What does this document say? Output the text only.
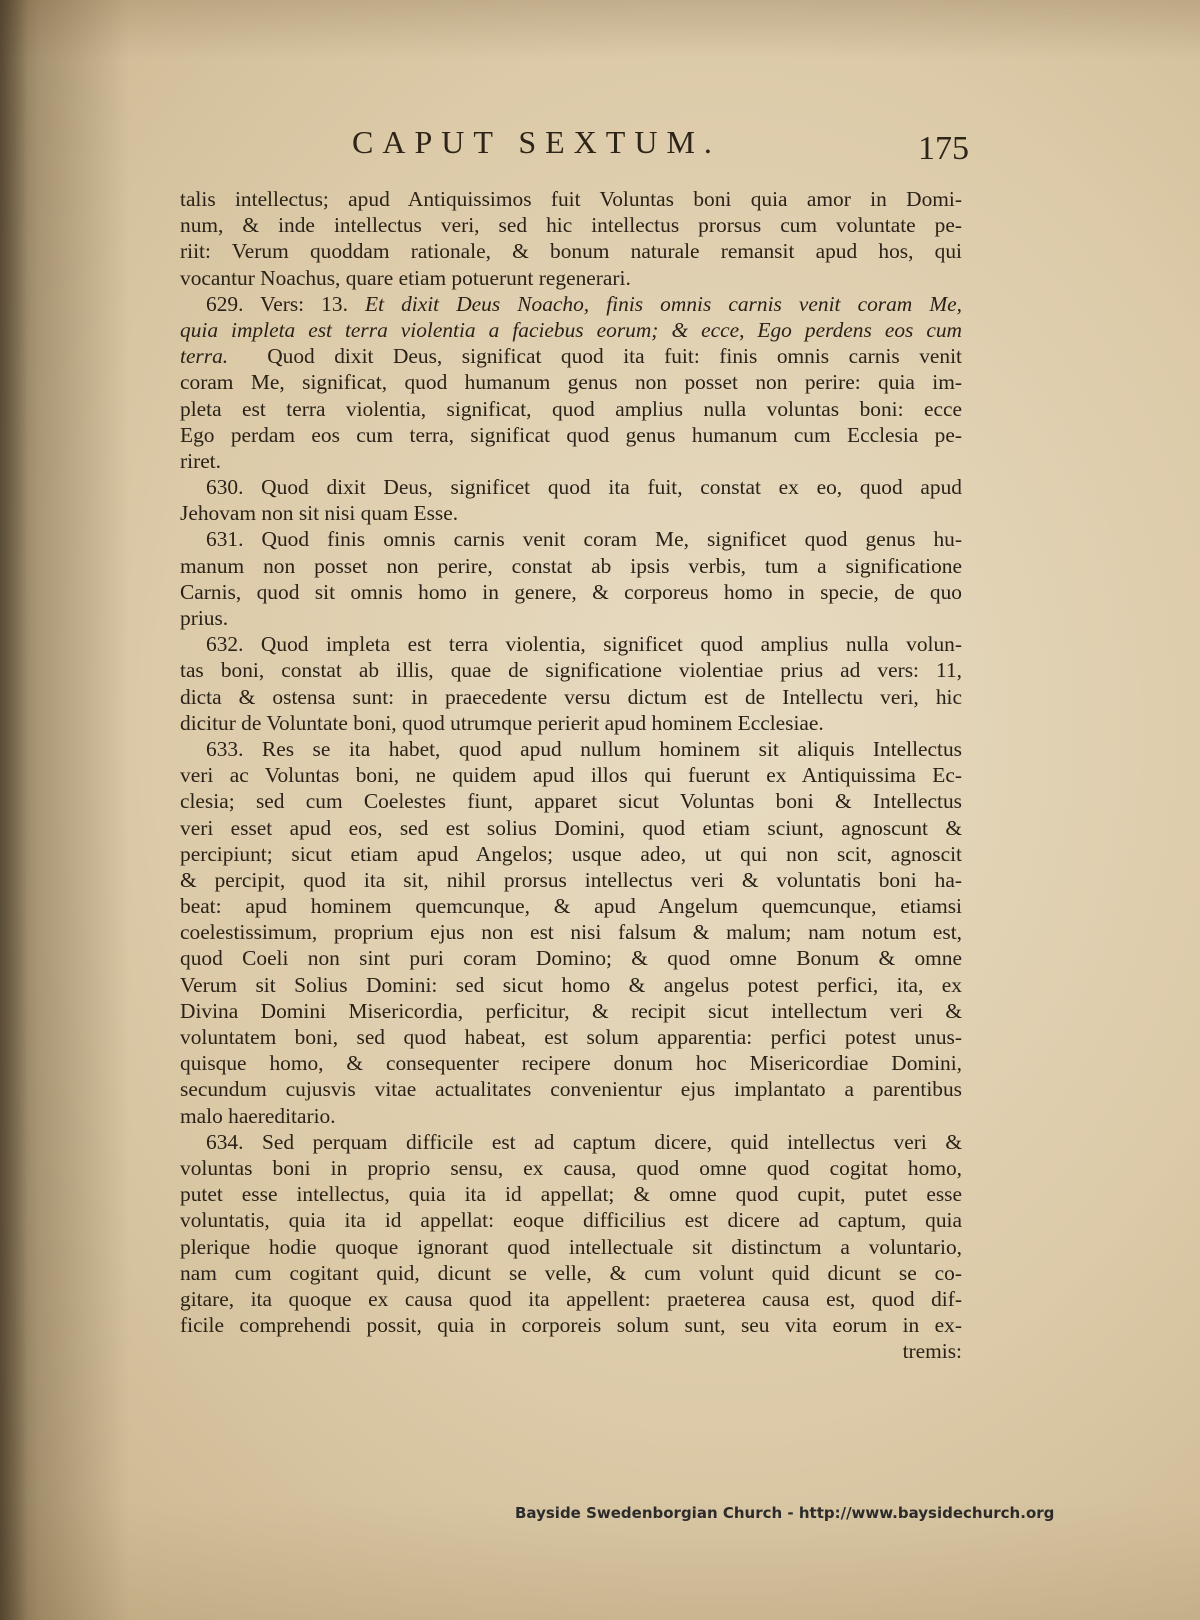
CAPUT SEXTUM.	175
talis intellectus; apud Antiquissimos fuit Voluntas boni quia amor in Domi-
num, & inde intellectus veri, sed hic intellectus prorsus cum voluntate pe-
riit: Verum quoddam rationale, & bonum naturale remansit apud hos, qui
vocantur Noachus, quare etiam potuerunt regenerari.
629. Vers: 13. Et dixit Deus Noacho, finis omnis carnis venit coram Me,
quia impleta est terra violentia a faciebus eorum; & ecce, Ego perdens eos cum
terra. Quod dixit Deus, significat quod ita fuit: finis omnis carnis venit
coram Me, significat, quod humanum genus non posset non perire: quia im-
pleta est terra violentia, significat, quod amplius nulla voluntas boni: ecce
Ego perdam eos cum terra, significat quod genus humanum cum Ecclesia pe-
riret.
630. Quod dixit Deus, significet quod ita fuit, constat ex eo, quod apud
Jehovam non sit nisi quam Esse.
631. Quod finis omnis carnis venit coram Me, significet quod genus hu-
manum non posset non perire, constat ab ipsis verbis, tum a significatione
Carnis, quod sit omnis homo in genere, & corporeus homo in specie, de quo
prius.
632. Quod impleta est terra violentia, significet quod amplius nulla volun-
tas boni, constat ab illis, quae de significatione violentiae prius ad vers: 11,
dicta & ostensa sunt: in praecedente versu dictum est de Intellectu veri, hic
dicitur de Voluntate boni, quod utrumque perierit apud hominem Ecclesiae.
633. Res se ita habet, quod apud nullum hominem sit aliquis Intellectus
veri ac Voluntas boni, ne quidem apud illos qui fuerunt ex Antiquissima Ec-
clesia; sed cum Coelestes fiunt, apparet sicut Voluntas boni & Intellectus
veri esset apud eos, sed est solius Domini, quod etiam sciunt, agnoscunt &
percipiunt; sicut etiam apud Angelos; usque adeo, ut qui non scit, agnoscit
& percipit, quod ita sit, nihil prorsus intellectus veri & voluntatis boni ha-
beat: apud hominem quemcunque, & apud Angelum quemcunque, etiamsi
coelestissimum, proprium ejus non est nisi falsum & malum; nam notum est,
quod Coeli non sint puri coram Domino; & quod omne Bonum & omne
Verum sit Solius Domini: sed sicut homo & angelus potest perfici, ita, ex
Divina Domini Misericordia, perficitur, & recipit sicut intellectum veri &
voluntatem boni, sed quod habeat, est solum apparentia: perfici potest unus-
quisque homo, & consequenter recipere donum hoc Misericordiae Domini,
secundum cujusvis vitae actualitates convenientur ejus implantato a parentibus
malo haereditario.
634. Sed perquam difficile est ad captum dicere, quid intellectus veri &
voluntas boni in proprio sensu, ex causa, quod omne quod cogitat homo,
putet esse intellectus, quia ita id appellat; & omne quod cupit, putet esse
voluntatis, quia ita id appellat: eoque difficilius est dicere ad captum, quia
plerique hodie quoque ignorant quod intellectuale sit distinctum a voluntario,
nam cum cogitant quid, dicunt se velle, & cum volunt quid dicunt se co-
gitare, ita quoque ex causa quod ita appellent: praeterea causa est, quod dif-
ficile comprehendi possit, quia in corporeis solum sunt, seu vita eorum in ex-
tremis:
Bayside Swedenborgian Church - http://www.baysidechurch.org
